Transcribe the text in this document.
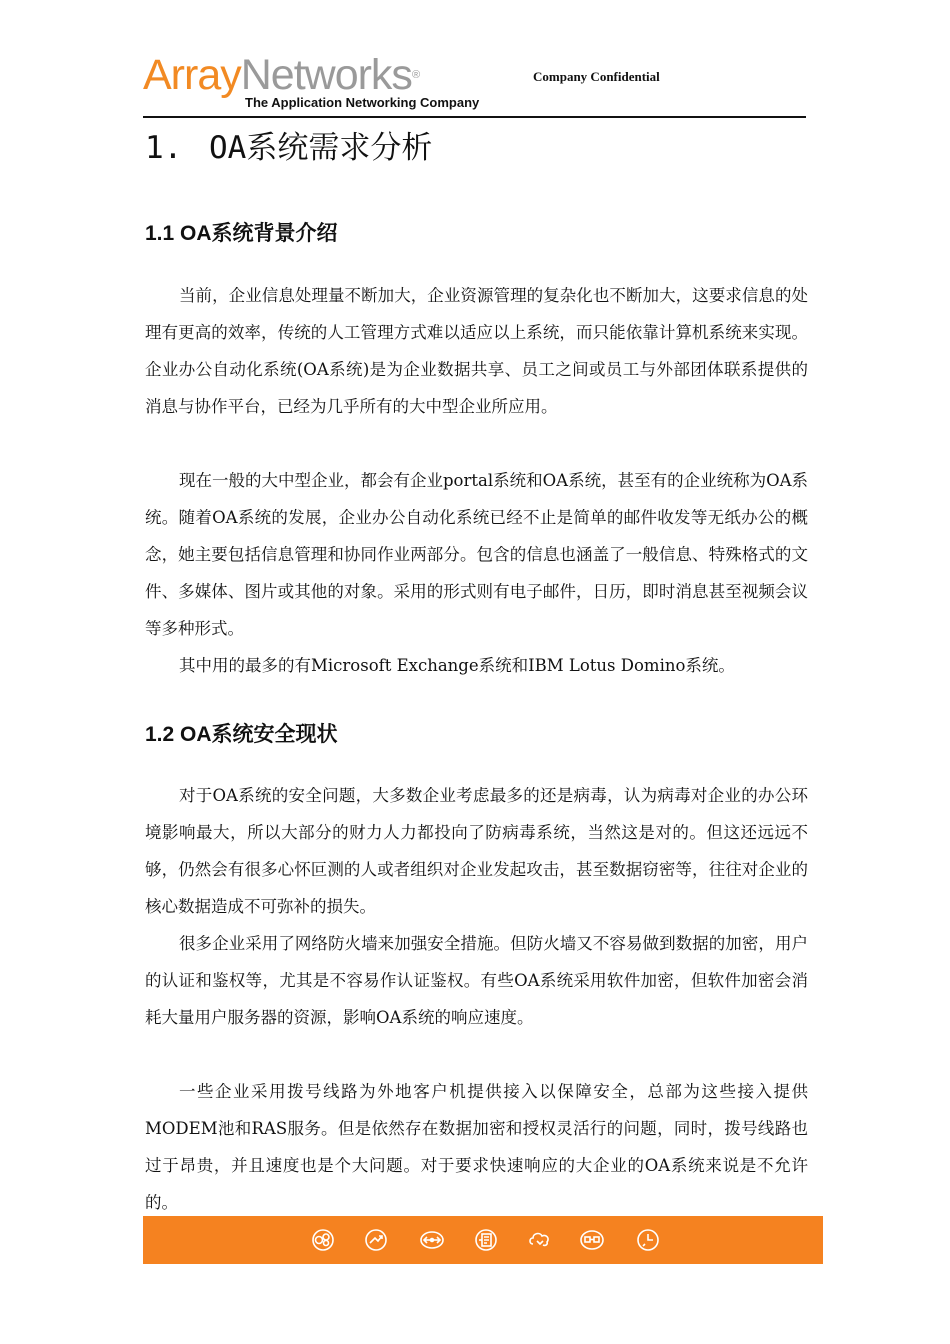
ArrayNetworks®
The Application Networking Company
Company Confidential
1. OA系统需求分析
1.1 OA系统背景介绍

当前，企业信息处理量不断加大，企业资源管理的复杂化也不断加大，这要求信息的处理有更高的效率，传统的人工管理方式难以适应以上系统，而只能依靠计算机系统来实现。企业办公自动化系统(OA系统)是为企业数据共享、员工之间或员工与外部团体联系提供的消息与协作平台，已经为几乎所有的大中型企业所应用。

现在一般的大中型企业，都会有企业portal系统和OA系统，甚至有的企业统称为OA系统。随着OA系统的发展，企业办公自动化系统已经不止是简单的邮件收发等无纸办公的概念，她主要包括信息管理和协同作业两部分。包含的信息也涵盖了一般信息、特殊格式的文件、多媒体、图片或其他的对象。采用的形式则有电子邮件，日历，即时消息甚至视频会议等多种形式。

其中用的最多的有Microsoft Exchange系统和IBM Lotus Domino系统。

1.2 OA系统安全现状

对于OA系统的安全问题，大多数企业考虑最多的还是病毒，认为病毒对企业的办公环境影响最大，所以大部分的财力人力都投向了防病毒系统，当然这是对的。但这还远远不够，仍然会有很多心怀叵测的人或者组织对企业发起攻击，甚至数据窃密等，往往对企业的核心数据造成不可弥补的损失。

很多企业采用了网络防火墙来加强安全措施。但防火墙又不容易做到数据的加密，用户的认证和鉴权等，尤其是不容易作认证鉴权。有些OA系统采用软件加密，但软件加密会消耗大量用户服务器的资源，影响OA系统的响应速度。

一些企业采用拨号线路为外地客户机提供接入以保障安全，总部为这些接入提供MODEM池和RAS服务。但是依然存在数据加密和授权灵活行的问题，同时，拨号线路也过于昂贵，并且速度也是个大问题。对于要求快速响应的大企业的OA系统来说是不允许的。
